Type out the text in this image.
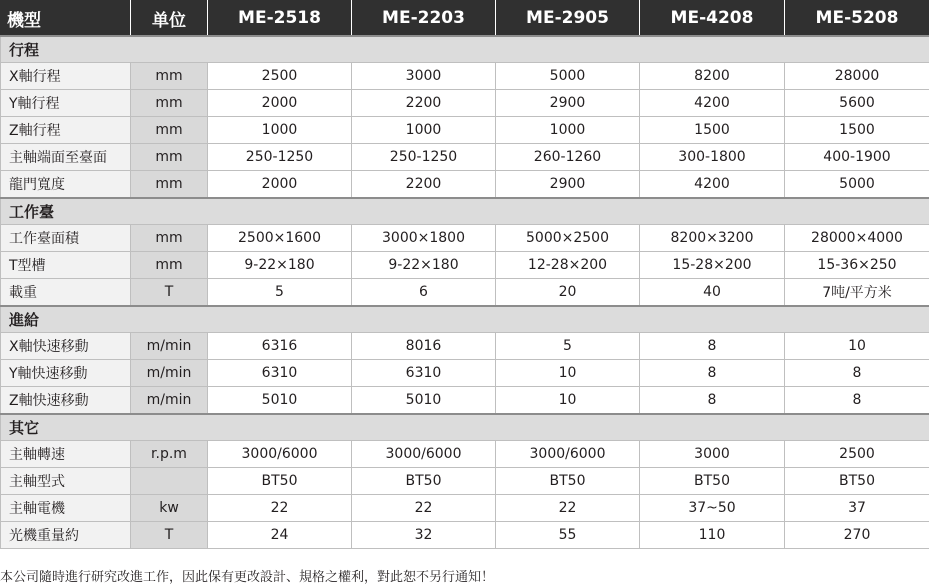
機型	单位	ME-2518	ME-2203	ME-2905	ME-4208	ME-5208
行程						
X軸行程	mm	2500	3000	5000	8200	28000
Y軸行程	mm	2000	2200	2900	4200	5600
Z軸行程	mm	1000	1000	1000	1500	1500
主軸端面至臺面	mm	250-1250	250-1250	260-1260	300-1800	400-1900
龍門寬度	mm	2000	2200	2900	4200	5000
工作臺						
工作臺面積	mm	2500×1600	3000×1800	5000×2500	8200×3200	28000×4000
T型槽	mm	9-22×180	9-22×180	12-28×200	15-28×200	15-36×250
載重	T	5	6	20	40	7吨/平方米
進給						
X軸快速移動	m/min	6316	8016	5	8	10
Y軸快速移動	m/min	6310	6310	10	8	8
Z軸快速移動	m/min	5010	5010	10	8	8
其它						
主軸轉速	r.p.m	3000/6000	3000/6000	3000/6000	3000	2500
主軸型式		BT50	BT50	BT50	BT50	BT50
主軸電機	kw	22	22	22	37~50	37
光機重量約	T	24	32	55	110	270
本公司隨時進行研究改進工作，因此保有更改設計、規格之權利，對此恕不另行通知！
